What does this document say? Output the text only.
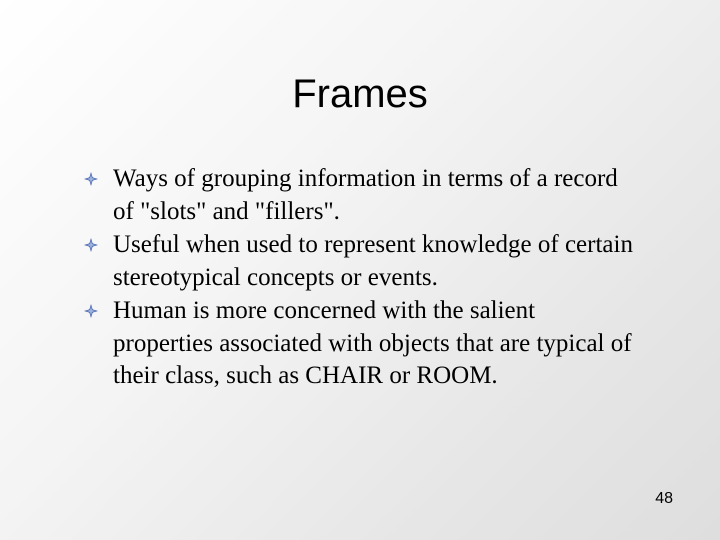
Frames
Ways of grouping information in terms of a record of "slots" and "fillers".
Useful when used to represent knowledge of certain stereotypical concepts or events.
Human is more concerned with the salient properties associated with objects that are typical of their class, such as CHAIR or ROOM.
48
